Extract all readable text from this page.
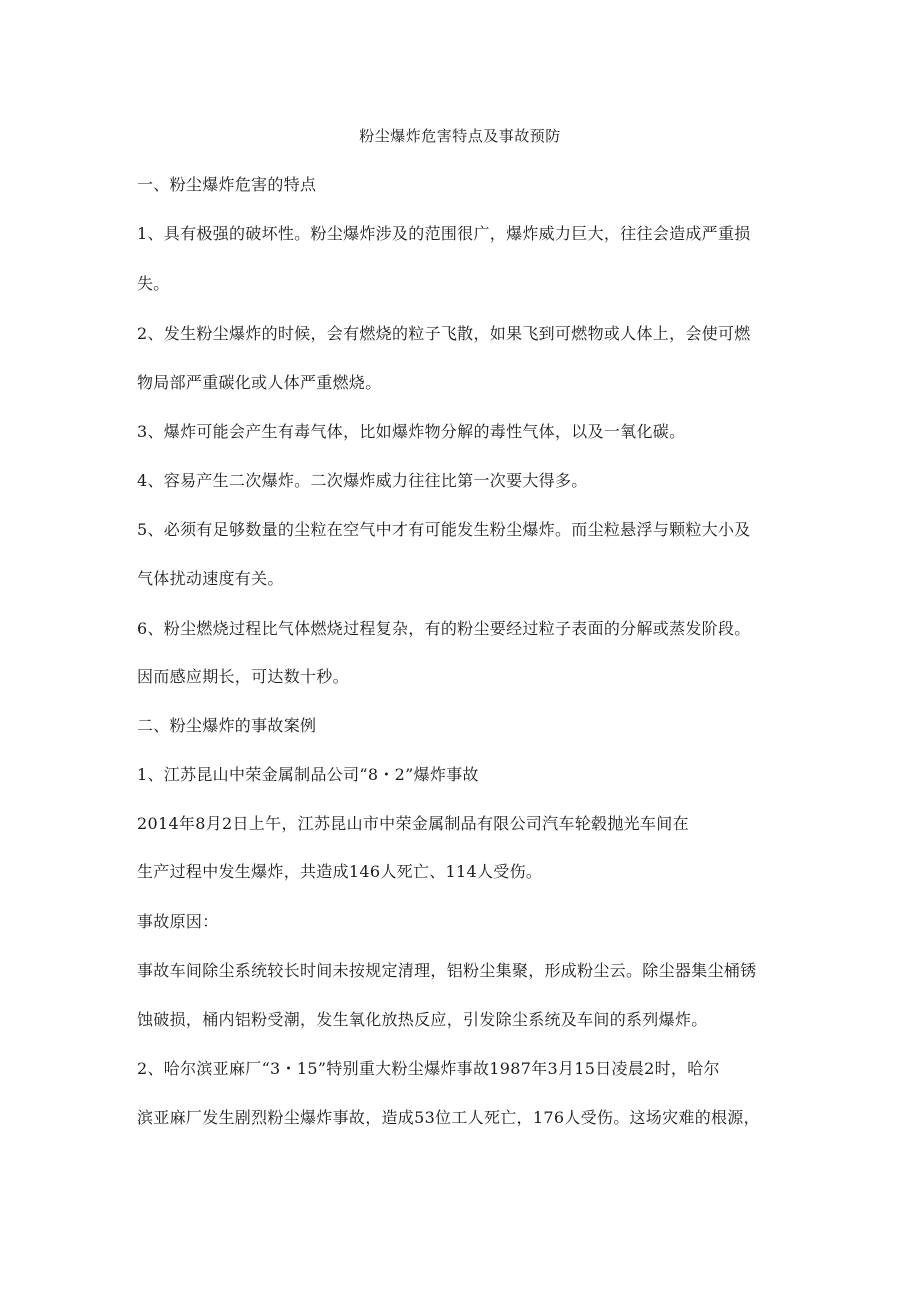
粉尘爆炸危害特点及事故预防
一、粉尘爆炸危害的特点
1、具有极强的破坏性。粉尘爆炸涉及的范围很广，爆炸威力巨大，往往会造成严重损
失。
2、发生粉尘爆炸的时候，会有燃烧的粒子飞散，如果飞到可燃物或人体上，会使可燃
物局部严重碳化或人体严重燃烧。
3、爆炸可能会产生有毒气体，比如爆炸物分解的毒性气体，以及一氧化碳。
4、容易产生二次爆炸。二次爆炸威力往往比第一次要大得多。
5、必须有足够数量的尘粒在空气中才有可能发生粉尘爆炸。而尘粒悬浮与颗粒大小及
气体扰动速度有关。
6、粉尘燃烧过程比气体燃烧过程复杂，有的粉尘要经过粒子表面的分解或蒸发阶段。
因而感应期长，可达数十秒。
二、粉尘爆炸的事故案例
1、江苏昆山中荣金属制品公司“8・2”爆炸事故
2014年8月2日上午，江苏昆山市中荣金属制品有限公司汽车轮毂抛光车间在
生产过程中发生爆炸，共造成146人死亡、114人受伤。
事故原因：
事故车间除尘系统较长时间未按规定清理，铝粉尘集聚，形成粉尘云。除尘器集尘桶锈
蚀破损，桶内铝粉受潮，发生氧化放热反应，引发除尘系统及车间的系列爆炸。
2、哈尔滨亚麻厂“3・15”特别重大粉尘爆炸事故1987年3月15日凌晨2时，哈尔
滨亚麻厂发生剧烈粉尘爆炸事故，造成53位工人死亡，176人受伤。这场灾难的根源，
